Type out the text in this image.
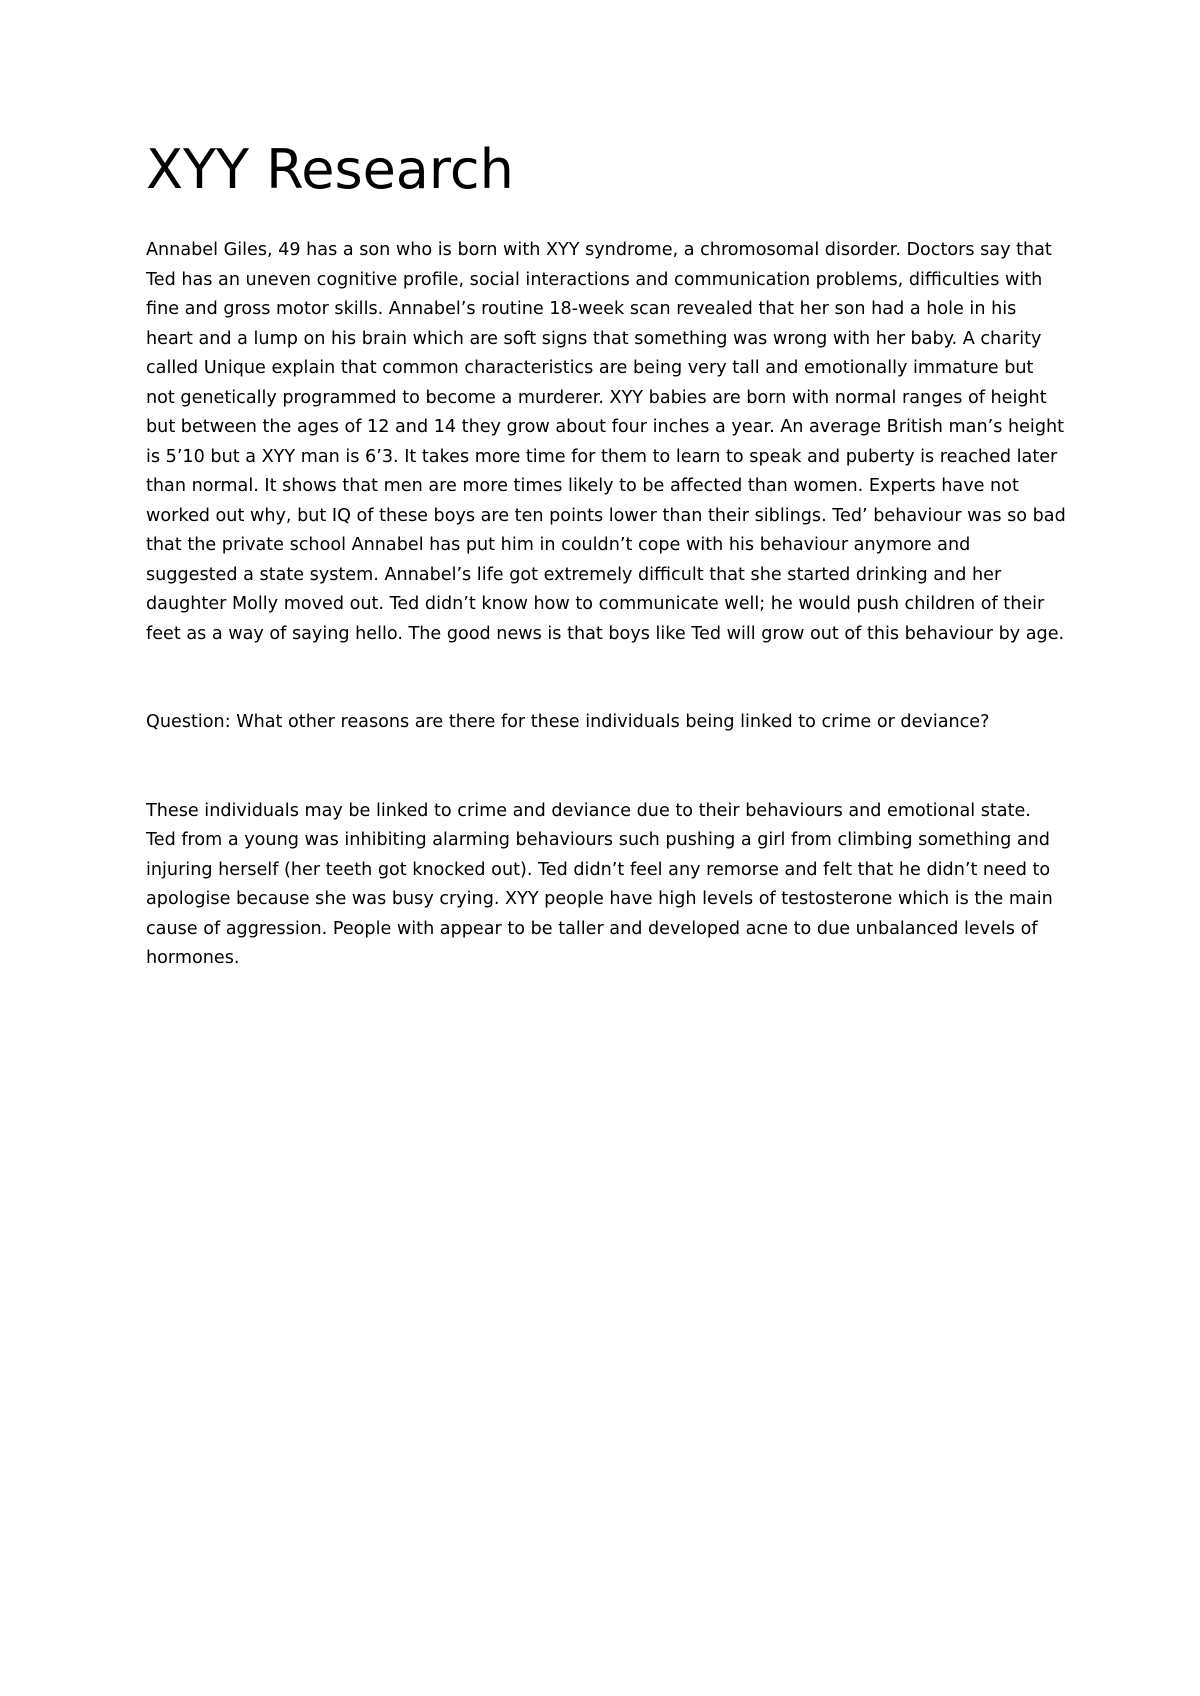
XYY Research

Annabel Giles, 49 has a son who is born with XYY syndrome, a chromosomal disorder. Doctors say that Ted has an uneven cognitive profile, social interactions and communication problems, difficulties with fine and gross motor skills. Annabel’s routine 18-week scan revealed that her son had a hole in his heart and a lump on his brain which are soft signs that something was wrong with her baby. A charity called Unique explain that common characteristics are being very tall and emotionally immature but not genetically programmed to become a murderer. XYY babies are born with normal ranges of height but between the ages of 12 and 14 they grow about four inches a year. An average British man’s height is 5’10 but a XYY man is 6’3. It takes more time for them to learn to speak and puberty is reached later than normal. It shows that men are more times likely to be affected than women. Experts have not worked out why, but IQ of these boys are ten points lower than their siblings. Ted’ behaviour was so bad that the private school Annabel has put him in couldn’t cope with his behaviour anymore and suggested a state system. Annabel’s life got extremely difficult that she started drinking and her daughter Molly moved out. Ted didn’t know how to communicate well; he would push children of their feet as a way of saying hello. The good news is that boys like Ted will grow out of this behaviour by age.

Question: What other reasons are there for these individuals being linked to crime or deviance?

These individuals may be linked to crime and deviance due to their behaviours and emotional state. Ted from a young was inhibiting alarming behaviours such pushing a girl from climbing something and injuring herself (her teeth got knocked out). Ted didn’t feel any remorse and felt that he didn’t need to apologise because she was busy crying. XYY people have high levels of testosterone which is the main cause of aggression. People with appear to be taller and developed acne to due unbalanced levels of hormones.
